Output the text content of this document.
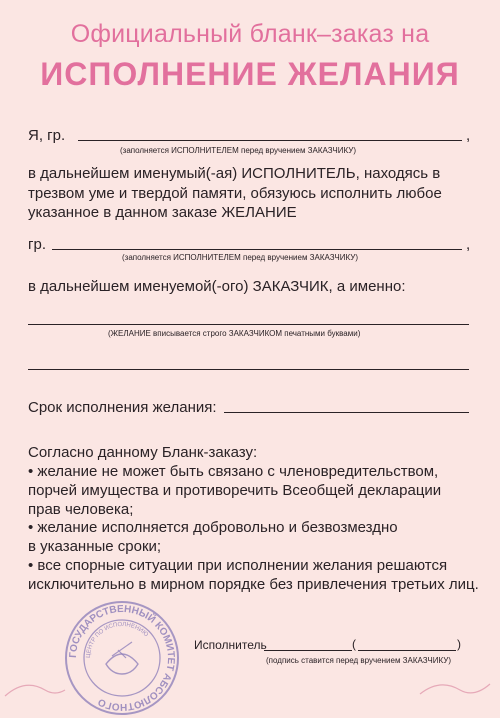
Официальный бланк–заказ на
ИСПОЛНЕНИЕ ЖЕЛАНИЯ
Я, гр.	,
(заполняется ИСПОЛНИТЕЛЕМ перед вручением ЗАКАЗЧИКУ)
в дальнейшем именумый(-ая) ИСПОЛНИТЕЛЬ, находясь в
трезвом уме и твердой памяти, обязуюсь исполнить любое
указанное в данном заказе ЖЕЛАНИЕ
гр.	,
(заполняется ИСПОЛНИТЕЛЕМ перед вручением ЗАКАЗЧИКУ)
в дальнейшем именуемой(-ого) ЗАКАЗЧИК, а именно:
(ЖЕЛАНИЕ вписывается строго ЗАКАЗЧИКОМ печатными буквами)
Срок исполнения желания:
Согласно данному Бланк-заказу:
• желание не может быть связано с членовредительством,
порчей имущества и противоречить Всеобщей декларации
прав человека;
• желание исполняется добровольно и безвозмездно
в указанные сроки;
• все спорные ситуации при исполнении желания решаются
исключительно в мирном порядке без привлечения третьих лиц.
Исполнитель	(	)
(подпись ставится перед вручением ЗАКАЗЧИКУ)
ГОСУДАРСТВЕННЫЙ КОМИТЕТ АБСОЛЮТНОГО
ЦЕНТР ПО ИСПОЛНЕНИЮ
